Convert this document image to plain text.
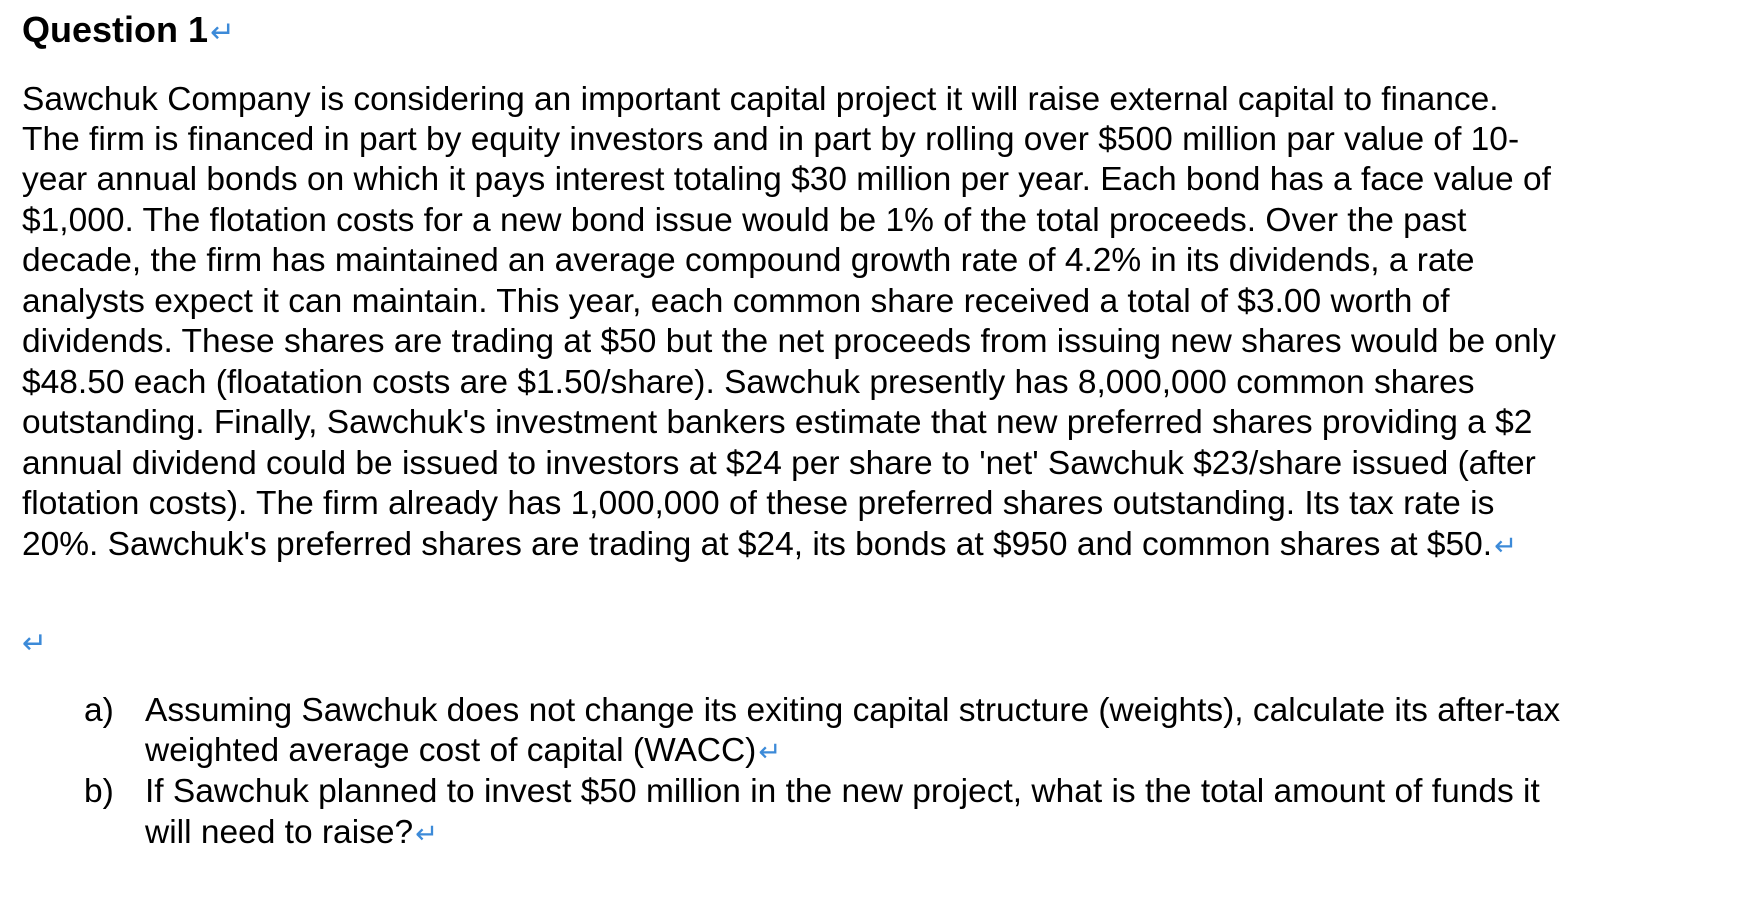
Question 1↵
Sawchuk Company is considering an important capital project it will raise external capital to finance.
The firm is financed in part by equity investors and in part by rolling over $500 million par value of 10-
year annual bonds on which it pays interest totaling $30 million per year. Each bond has a face value of
$1,000. The flotation costs for a new bond issue would be 1% of the total proceeds. Over the past
decade, the firm has maintained an average compound growth rate of 4.2% in its dividends, a rate
analysts expect it can maintain. This year, each common share received a total of $3.00 worth of
dividends. These shares are trading at $50 but the net proceeds from issuing new shares would be only
$48.50 each (floatation costs are $1.50/share). Sawchuk presently has 8,000,000 common shares
outstanding. Finally, Sawchuk's investment bankers estimate that new preferred shares providing a $2
annual dividend could be issued to investors at $24 per share to 'net' Sawchuk $23/share issued (after
flotation costs). The firm already has 1,000,000 of these preferred shares outstanding. Its tax rate is
20%. Sawchuk's preferred shares are trading at $24, its bonds at $950 and common shares at $50.↵
↵
a) Assuming Sawchuk does not change its exiting capital structure (weights), calculate its after-tax
weighted average cost of capital (WACC)↵
b) If Sawchuk planned to invest $50 million in the new project, what is the total amount of funds it
will need to raise?↵
